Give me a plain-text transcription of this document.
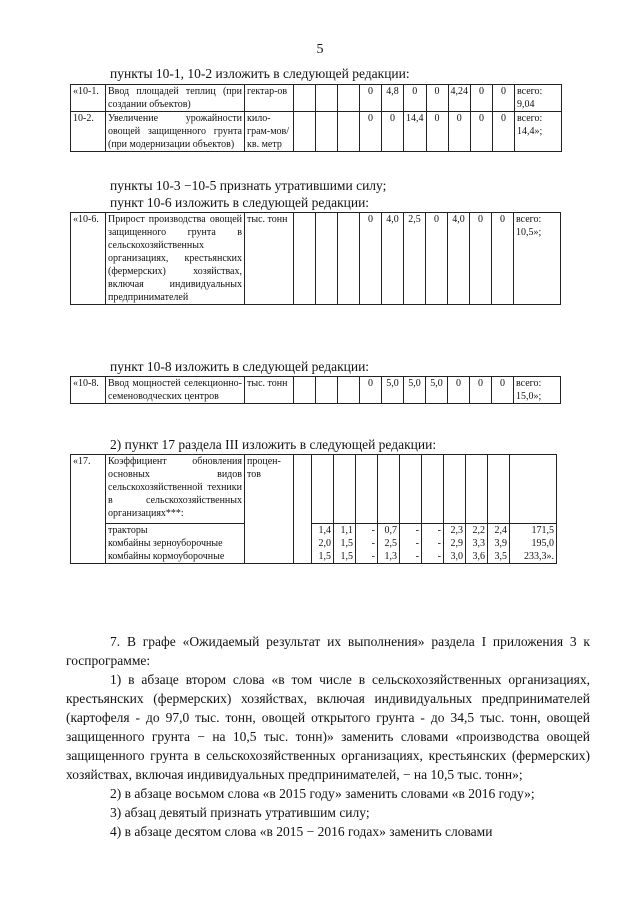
5
пункты 10-1, 10-2 изложить в следующей редакции:
«10-1.	Ввод площадей теплиц (при создании объектов)	гектар-ов				0	4,8	0	0	4,24	0	0	всего: 9,04
10-2.	Увеличение урожайности овощей защищенного грунта (при модернизации объектов)	кило-грам-мов/ кв. метр				0	0	14,4	0	0	0	0	всего: 14,4»;
пункты 10-3 −10-5 признать утратившими силу;
пункт 10-6 изложить в следующей редакции:
«10-6.	Прирост производства овощей защищенного грунта в сельскохозяйственных организациях, крестьянских (фермерских) хозяйствах, включая индивидуальных предпринимателей	тыс. тонн				0	4,0	2,5	0	4,0	0	0	всего: 10,5»;
пункт 10-8 изложить в следующей редакции:
«10-8.	Ввод мощностей селекционно-семеноводческих центров	тыс. тонн				0	5,0	5,0	5,0	0	0	0	всего: 15,0»;
2) пункт 17 раздела III изложить в следующей редакции:
«17.	Коэффициент обновления основных видов сельскохозяйственной техники в сельскохозяйственных организациях***:	процен-тов											
	тракторы			1,4	1,1	-	0,7	-	-	2,3	2,2	2,4	171,5
	комбайны зерноуборочные			2,0	1,5	-	2,5	-	-	2,9	3,3	3,9	195,0
	комбайны кормоуборочные			1,5	1,5	-	1,3	-	-	3,0	3,6	3,5	233,3».

7. В графе «Ожидаемый результат их выполнения» раздела I приложения 3 к госпрограмме:

1) в абзаце втором слова «в том числе в сельскохозяйственных организациях, крестьянских (фермерских) хозяйствах, включая индивидуальных предпринимателей (картофеля - до 97,0 тыс. тонн, овощей открытого грунта - до 34,5 тыс. тонн, овощей защищенного грунта − на 10,5 тыс. тонн)» заменить словами «производства овощей защищенного грунта в сельскохозяйственных организациях, крестьянских (фермерских) хозяйствах, включая индивидуальных предпринимателей, − на 10,5 тыс. тонн»;

2) в абзаце восьмом слова «в 2015 году» заменить словами «в 2016 году»;

3) абзац девятый признать утратившим силу;

4) в абзаце десятом слова «в 2015 − 2016 годах» заменить словами
